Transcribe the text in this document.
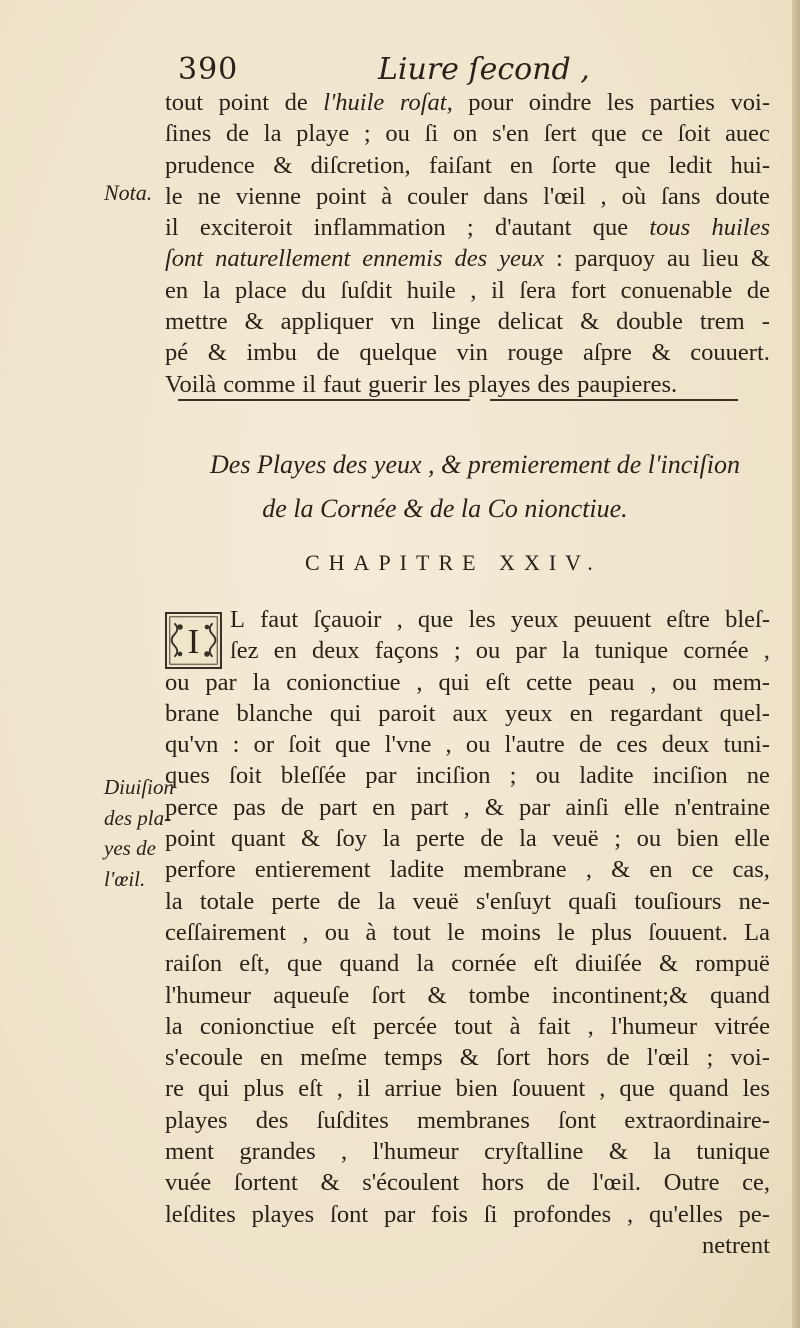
390	Liure ſecond ,
tout point de l'huile roſat, pour oindre les parties voi-
ſines de la playe ; ou ſi on s'en ſert que ce ſoit auec
prudence & diſcretion, faiſant en ſorte que ledit hui-
le ne vienne point à couler dans l'œil , où ſans doute
il exciteroit inflammation ; d'autant que tous huiles
ſont naturellement ennemis des yeux : parquoy au lieu &
en la place du ſuſdit huile , il ſera fort conuenable de
mettre & appliquer vn linge delicat & double trem -
pé & imbu de quelque vin rouge aſpre & couuert.
Voilà comme il faut guerir les playes des paupieres.
Nota.
Diuiſion
des pla-
yes de
l'œil.
Des Playes des yeux , & premierement de l'inciſion
de la Cornée & de la Co nionctiue.
CHAPITRE XXIV.
I
L faut ſçauoir , que les yeux peuuent eſtre bleſ-
ſez en deux façons ; ou par la tunique cornée ,
ou par la conionctiue , qui eſt cette peau , ou mem-
brane blanche qui paroit aux yeux en regardant quel-
qu'vn : or ſoit que l'vne , ou l'autre de ces deux tuni-
ques ſoit bleſſée par inciſion ; ou ladite inciſion ne
perce pas de part en part , & par ainſi elle n'entraine
point quant & ſoy la perte de la veuë ; ou bien elle
perfore entierement ladite membrane , & en ce cas,
la totale perte de la veuë s'enſuyt quaſi touſiours ne-
ceſſairement , ou à tout le moins le plus ſouuent. La
raiſon eſt, que quand la cornée eſt diuiſée & rompuë
l'humeur aqueuſe ſort & tombe incontinent;& quand
la conionctiue eſt percée tout à fait , l'humeur vitrée
s'ecoule en meſme temps & ſort hors de l'œil ; voi-
re qui plus eſt , il arriue bien ſouuent , que quand les
playes des ſuſdites membranes ſont extraordinaire-
ment grandes , l'humeur cryſtalline & la tunique
vuée ſortent & s'écoulent hors de l'œil. Outre ce,
leſdites playes ſont par fois ſi profondes , qu'elles pe-
netrent
